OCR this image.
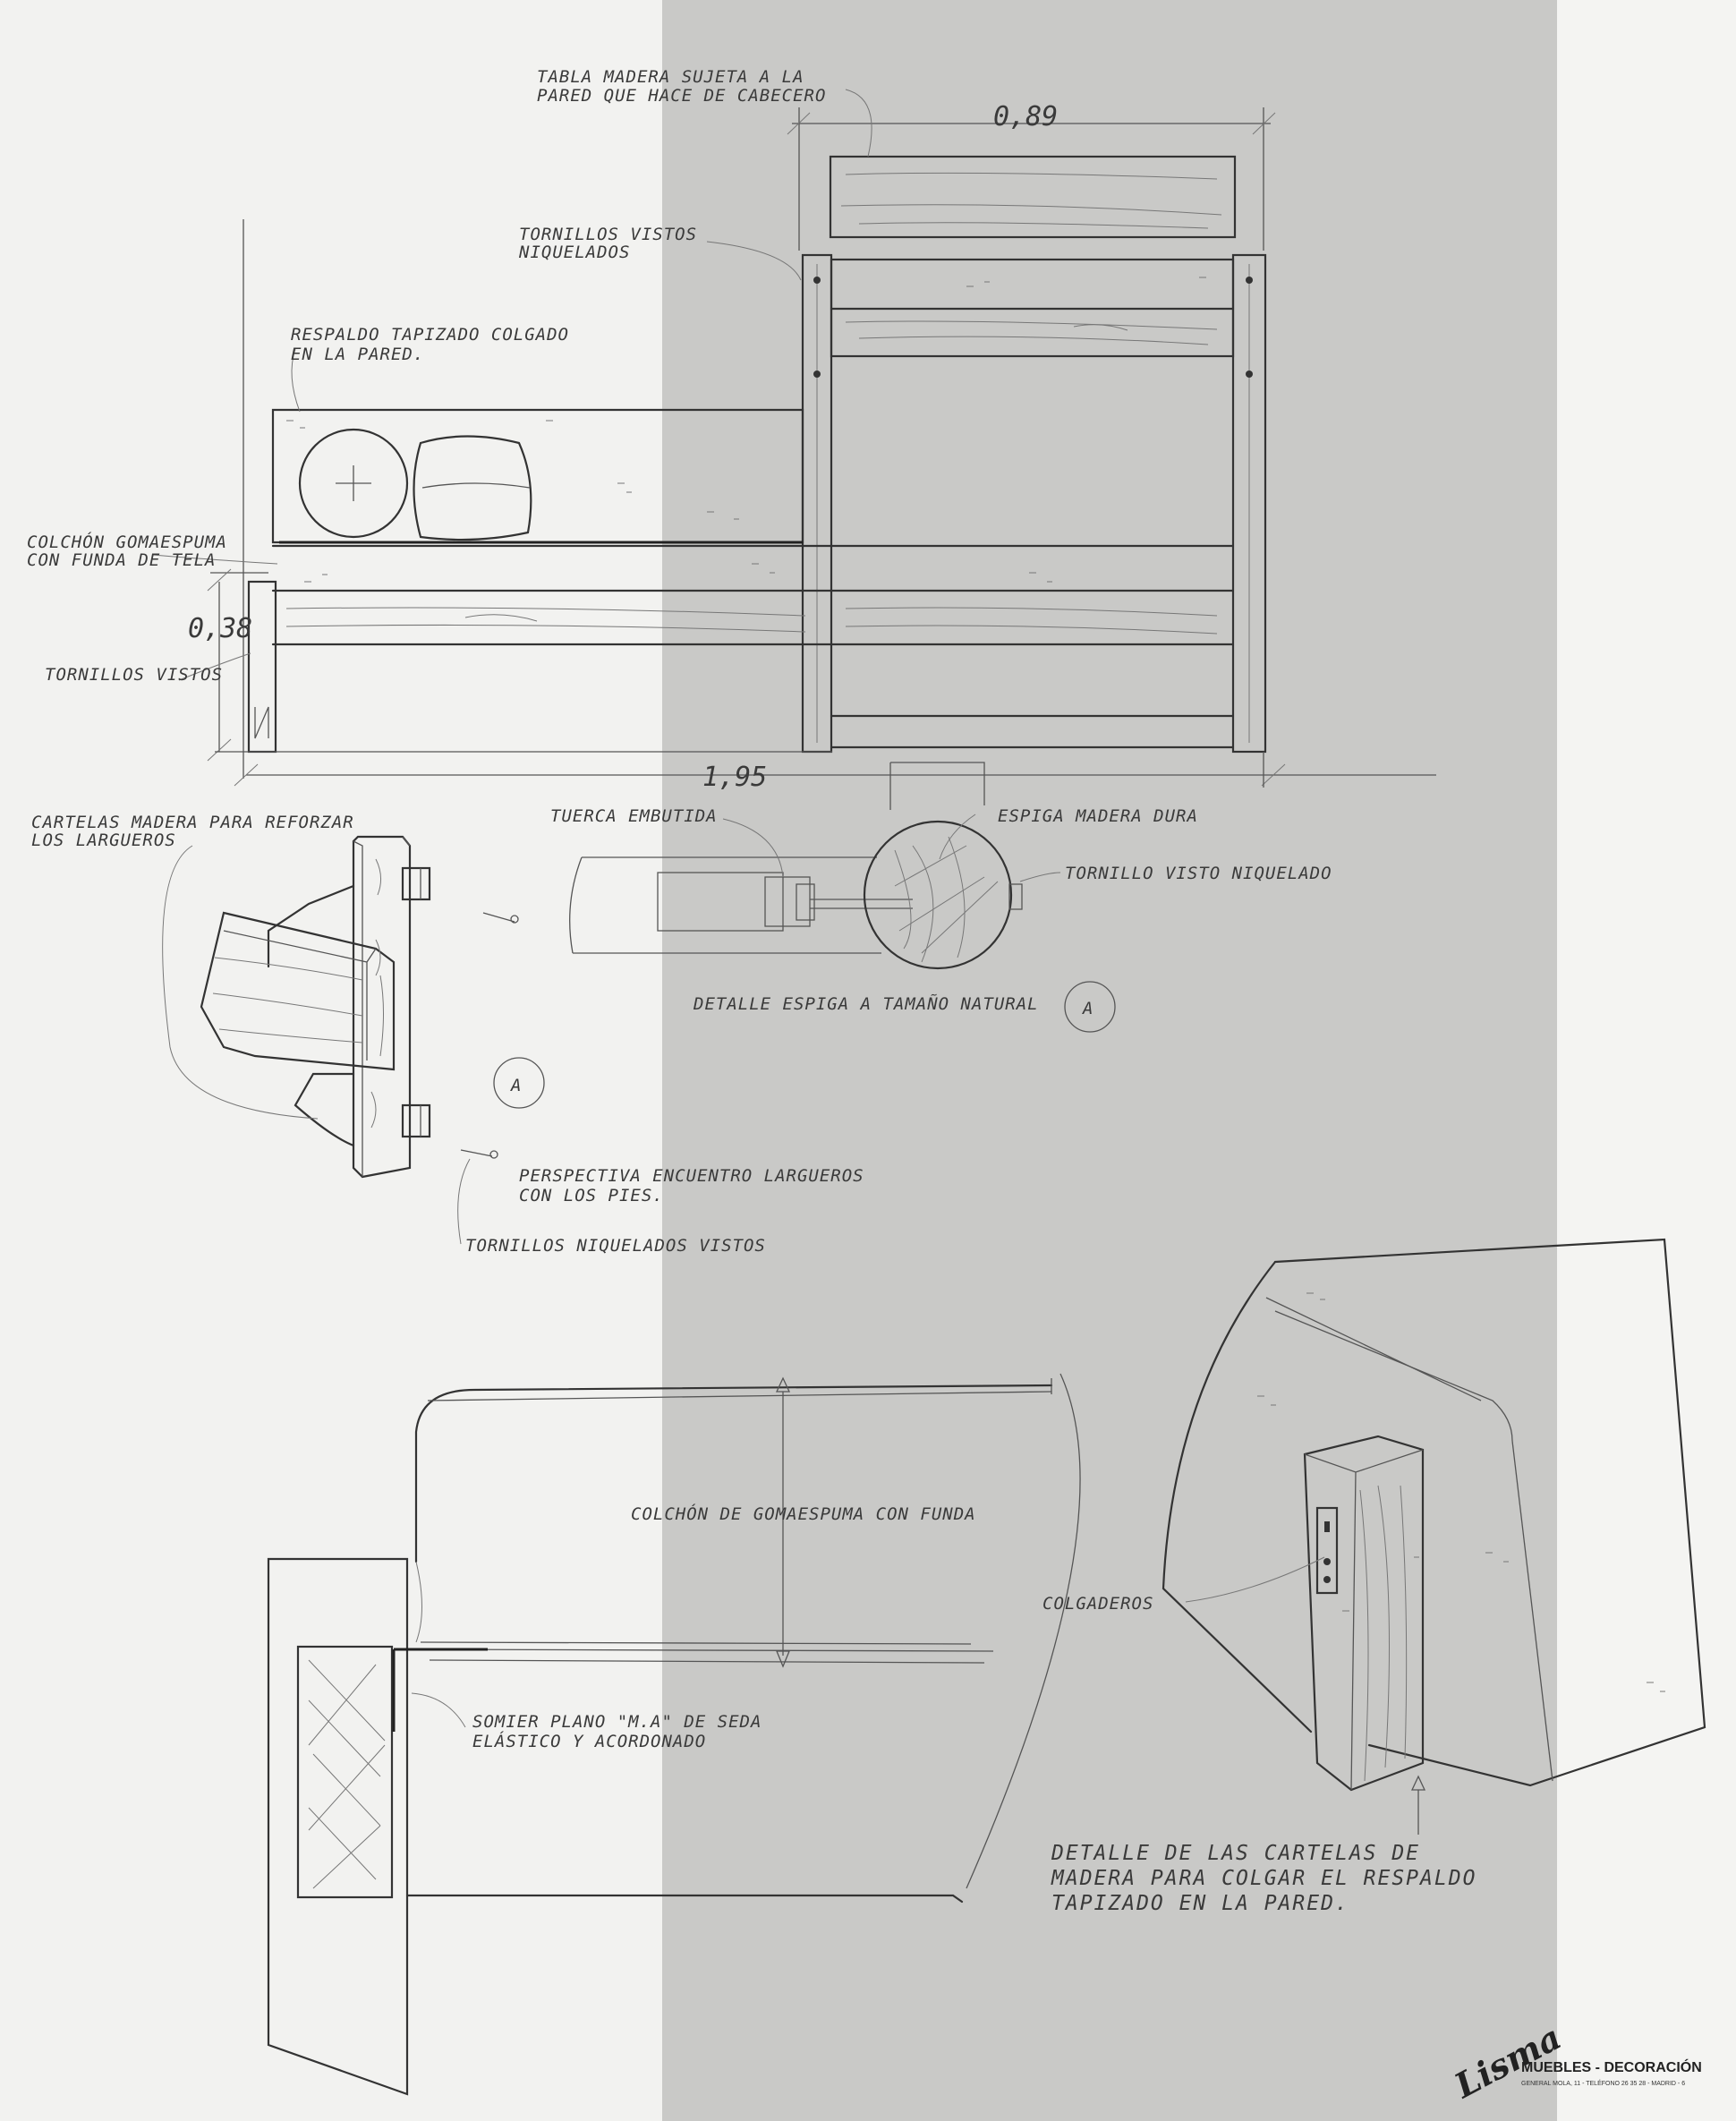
A
A
TABLA MADERA SUJETA A LA
PARED QUE HACE DE CABECERO
0,89
TORNILLOS VISTOS
NIQUELADOS
RESPALDO TAPIZADO COLGADO
EN LA PARED.
COLCHÓN GOMAESPUMA
CON FUNDA DE TELA
0,38
TORNILLOS VISTOS
1,95
CARTELAS MADERA PARA REFORZAR
LOS LARGUEROS
TUERCA EMBUTIDA	ESPIGA MADERA DURA
TORNILLO VISTO NIQUELADO
DETALLE ESPIGA A TAMAÑO NATURAL
PERSPECTIVA ENCUENTRO LARGUEROS
CON LOS PIES.
TORNILLOS NIQUELADOS VISTOS
COLCHÓN DE GOMAESPUMA CON FUNDA
SOMIER PLANO "M.A" DE SEDA
ELÁSTICO Y ACORDONADO
COLGADEROS
DETALLE DE LAS CARTELAS DE
MADERA PARA COLGAR EL RESPALDO
TAPIZADO EN LA PARED.
Lisma
MUEBLES - DECORACIÓN
GENERAL MOLA, 11 - TELÉFONO 26 35 28 - MADRID - 6
